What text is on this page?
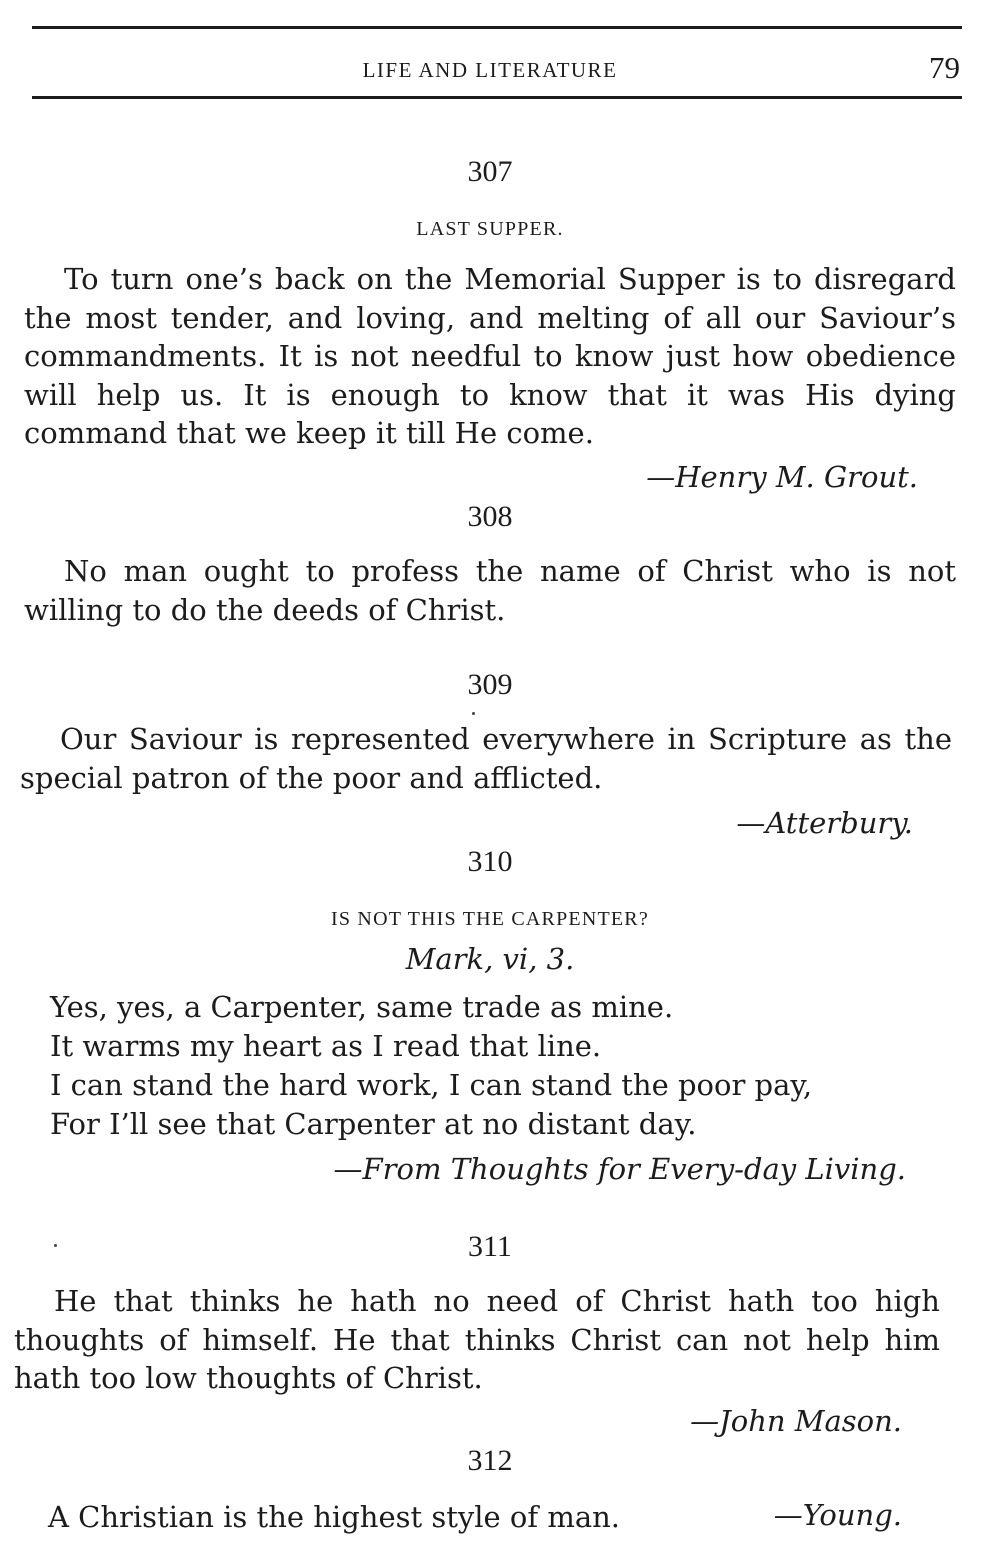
LIFE AND LITERATURE	79
307
LAST SUPPER.
To turn one’s back on the Memorial Supper is to disregard the most tender, and loving, and melting of all our Saviour’s commandments. It is not needful to know just how obedience will help us. It is enough to know that it was His dying command that we keep it till He come.
—Henry M. Grout.
308
No man ought to profess the name of Christ who is not willing to do the deeds of Christ.
309
Our Saviour is represented everywhere in Scripture as the special patron of the poor and afflicted.
—Atterbury.
310
IS NOT THIS THE CARPENTER?
Mark, vi, 3.
Yes, yes, a Carpenter, same trade as mine.
It warms my heart as I read that line.
I can stand the hard work, I can stand the poor pay,
For I’ll see that Carpenter at no distant day.
—From Thoughts for Every-day Living.
311
He that thinks he hath no need of Christ hath too high thoughts of himself. He that thinks Christ can not help him hath too low thoughts of Christ.
—John Mason.
312
A Christian is the highest style of man.	—Young.
